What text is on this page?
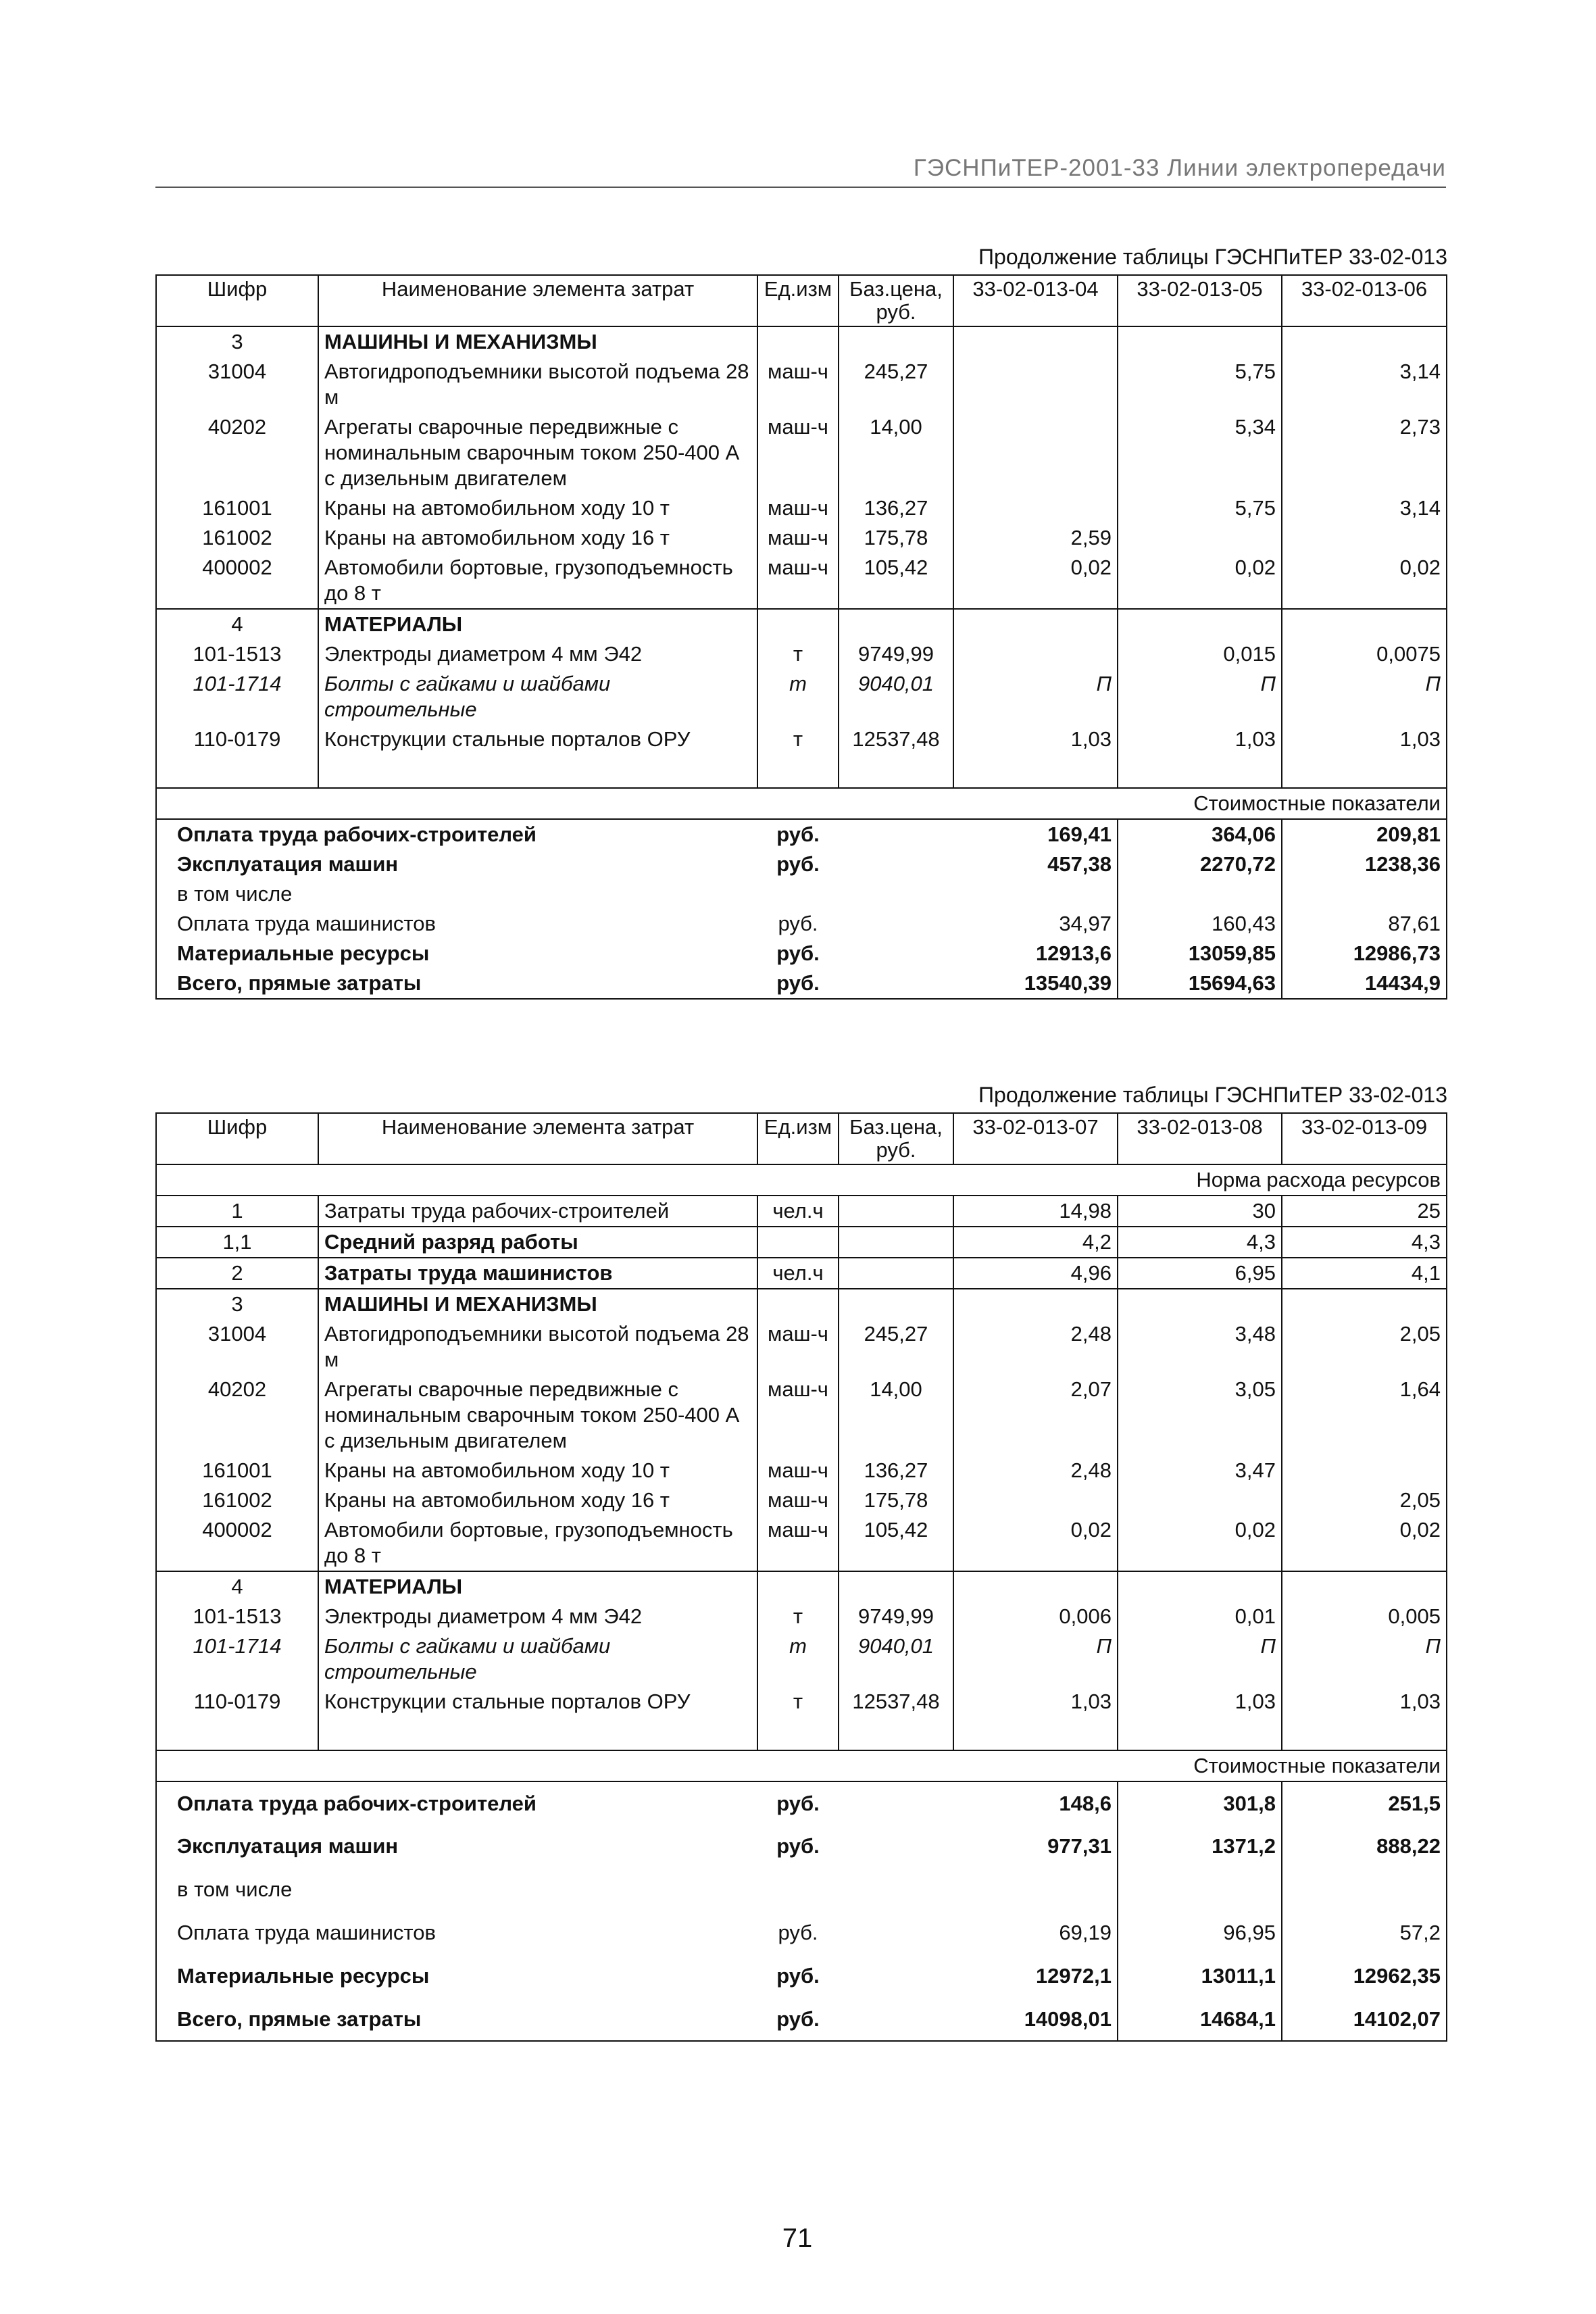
ГЭСНПиТЕР-2001-33 Линии электропередачи
Продолжение таблицы ГЭСНПиТЕР 33-02-013
Шифр	Наименование элемента затрат	Ед.изм	Баз.цена, руб.	33-02-013-04	33-02-013-05	33-02-013-06
3	МАШИНЫ И МЕХАНИЗМЫ					
31004	Автогидроподъемники высотой подъема 28 м	маш-ч	245,27		5,75	3,14
40202	Агрегаты сварочные передвижные с номинальным сварочным током 250-400 А с дизельным двигателем	маш-ч	14,00		5,34	2,73
161001	Краны на автомобильном ходу 10 т	маш-ч	136,27		5,75	3,14
161002	Краны на автомобильном ходу 16 т	маш-ч	175,78	2,59		
400002	Автомобили бортовые, грузоподъемность до 8 т	маш-ч	105,42	0,02	0,02	0,02
4	МАТЕРИАЛЫ					
101-1513	Электроды диаметром 4 мм Э42	т	9749,99		0,015	0,0075
101-1714	Болты с гайками и шайбами строительные	т	9040,01	П	П	П
110-0179	Конструкции стальные порталов ОРУ	т	12537,48	1,03	1,03	1,03

Стоимостные показатели						
Оплата труда рабочих-строителей		руб.		169,41	364,06	209,81
Эксплуатация машин		руб.		457,38	2270,72	1238,36
в том числе						
Оплата труда машинистов		руб.		34,97	160,43	87,61
Материальные ресурсы		руб.		12913,6	13059,85	12986,73
Всего, прямые затраты		руб.		13540,39	15694,63	14434,9
Продолжение таблицы ГЭСНПиТЕР 33-02-013
Шифр	Наименование элемента затрат	Ед.изм	Баз.цена, руб.	33-02-013-07	33-02-013-08	33-02-013-09
Норма расхода ресурсов						
1	Затраты труда рабочих-строителей	чел.ч		14,98	30	25
1,1	Средний разряд работы			4,2	4,3	4,3
2	Затраты труда машинистов	чел.ч		4,96	6,95	4,1
3	МАШИНЫ И МЕХАНИЗМЫ					
31004	Автогидроподъемники высотой подъема 28 м	маш-ч	245,27	2,48	3,48	2,05
40202	Агрегаты сварочные передвижные с номинальным сварочным током 250-400 А с дизельным двигателем	маш-ч	14,00	2,07	3,05	1,64
161001	Краны на автомобильном ходу 10 т	маш-ч	136,27	2,48	3,47	
161002	Краны на автомобильном ходу 16 т	маш-ч	175,78			2,05
400002	Автомобили бортовые, грузоподъемность до 8 т	маш-ч	105,42	0,02	0,02	0,02
4	МАТЕРИАЛЫ					
101-1513	Электроды диаметром 4 мм Э42	т	9749,99	0,006	0,01	0,005
101-1714	Болты с гайками и шайбами строительные	т	9040,01	П	П	П
110-0179	Конструкции стальные порталов ОРУ	т	12537,48	1,03	1,03	1,03

Стоимостные показатели						
Оплата труда рабочих-строителей		руб.		148,6	301,8	251,5
Эксплуатация машин		руб.		977,31	1371,2	888,22
в том числе						
Оплата труда машинистов		руб.		69,19	96,95	57,2
Материальные ресурсы		руб.		12972,1	13011,1	12962,35
Всего, прямые затраты		руб.		14098,01	14684,1	14102,07
71
